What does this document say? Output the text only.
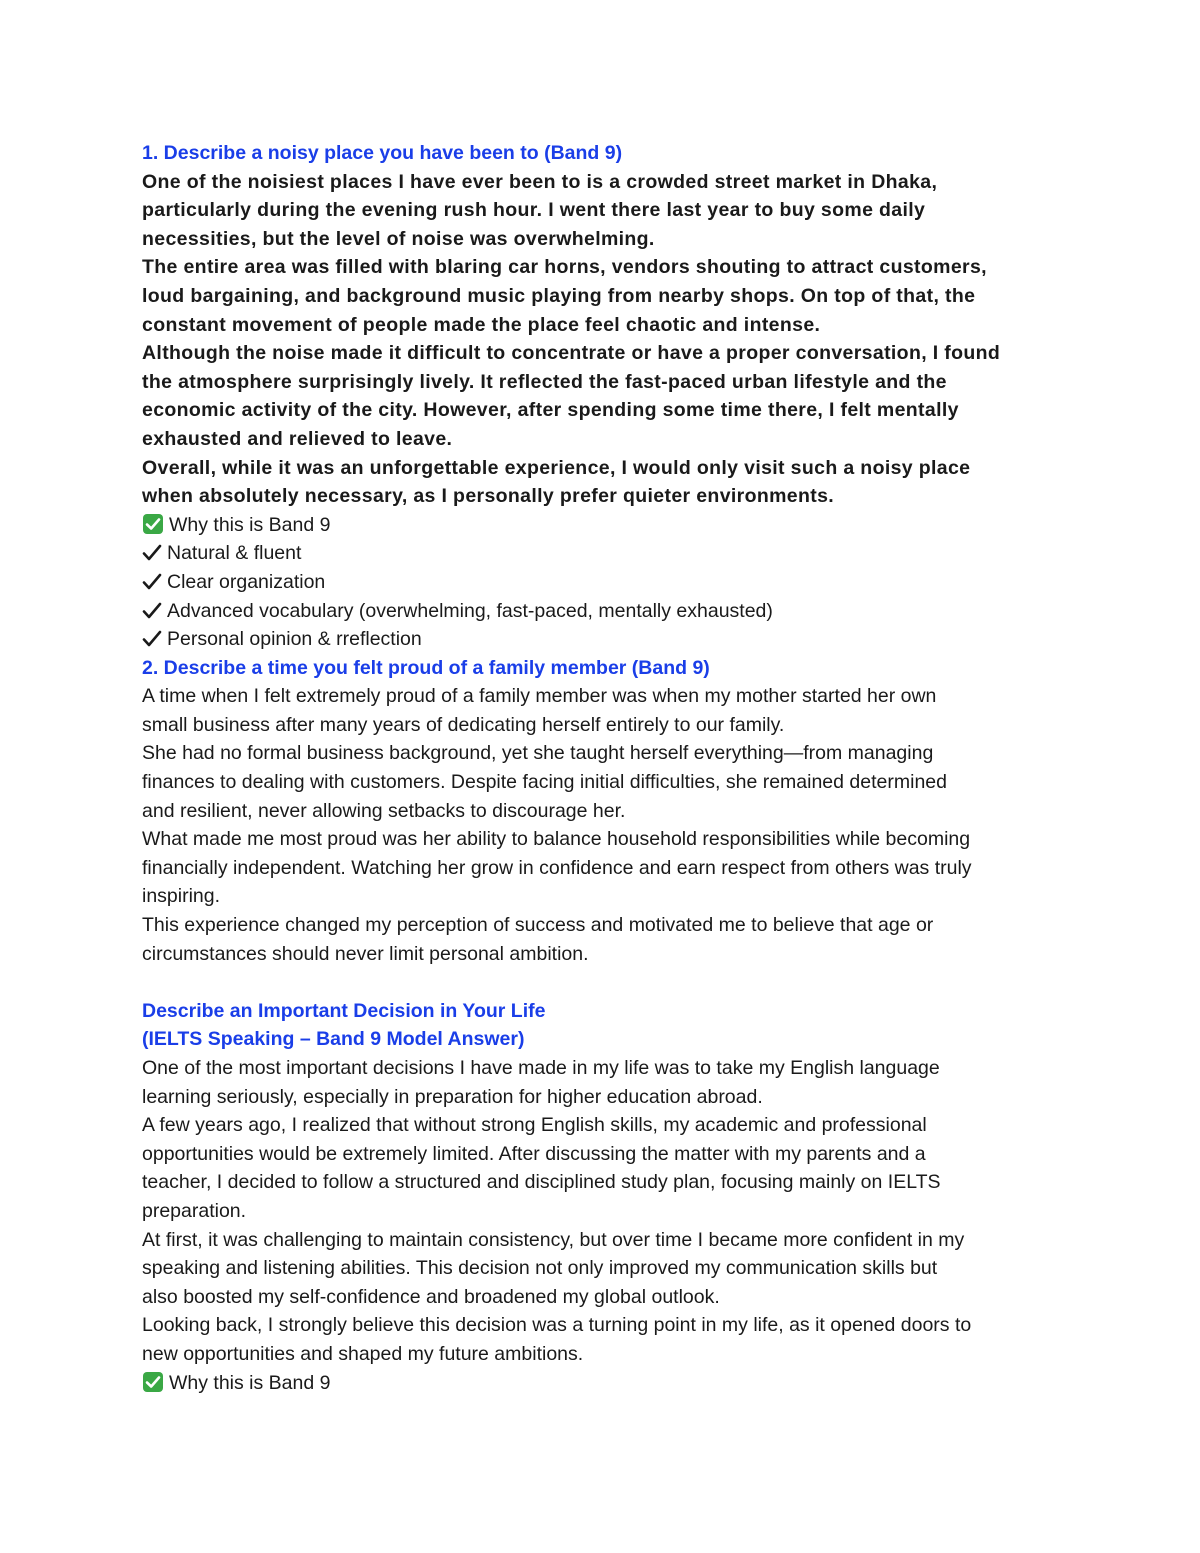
1. Describe a noisy place you have been to (Band 9)
One of the noisiest places I have ever been to is a crowded street market in Dhaka,
particularly during the evening rush hour. I went there last year to buy some daily
necessities, but the level of noise was overwhelming.
The entire area was filled with blaring car horns, vendors shouting to attract customers,
loud bargaining, and background music playing from nearby shops. On top of that, the
constant movement of people made the place feel chaotic and intense.
Although the noise made it difficult to concentrate or have a proper conversation, I found
the atmosphere surprisingly lively. It reflected the fast-paced urban lifestyle and the
economic activity of the city. However, after spending some time there, I felt mentally
exhausted and relieved to leave.
Overall, while it was an unforgettable experience, I would only visit such a noisy place
when absolutely necessary, as I personally prefer quieter environments.
Why this is Band 9
Natural & fluent
Clear organization
Advanced vocabulary (overwhelming, fast-paced, mentally exhausted)
Personal opinion & rreflection
2. Describe a time you felt proud of a family member (Band 9)
A time when I felt extremely proud of a family member was when my mother started her own
small business after many years of dedicating herself entirely to our family.
She had no formal business background, yet she taught herself everything—from managing
finances to dealing with customers. Despite facing initial difficulties, she remained determined
and resilient, never allowing setbacks to discourage her.
What made me most proud was her ability to balance household responsibilities while becoming
financially independent. Watching her grow in confidence and earn respect from others was truly
inspiring.
This experience changed my perception of success and motivated me to believe that age or
circumstances should never limit personal ambition.
Describe an Important Decision in Your Life
(IELTS Speaking – Band 9 Model Answer)
One of the most important decisions I have made in my life was to take my English language
learning seriously, especially in preparation for higher education abroad.
A few years ago, I realized that without strong English skills, my academic and professional
opportunities would be extremely limited. After discussing the matter with my parents and a
teacher, I decided to follow a structured and disciplined study plan, focusing mainly on IELTS
preparation.
At first, it was challenging to maintain consistency, but over time I became more confident in my
speaking and listening abilities. This decision not only improved my communication skills but
also boosted my self-confidence and broadened my global outlook.
Looking back, I strongly believe this decision was a turning point in my life, as it opened doors to
new opportunities and shaped my future ambitions.
Why this is Band 9
